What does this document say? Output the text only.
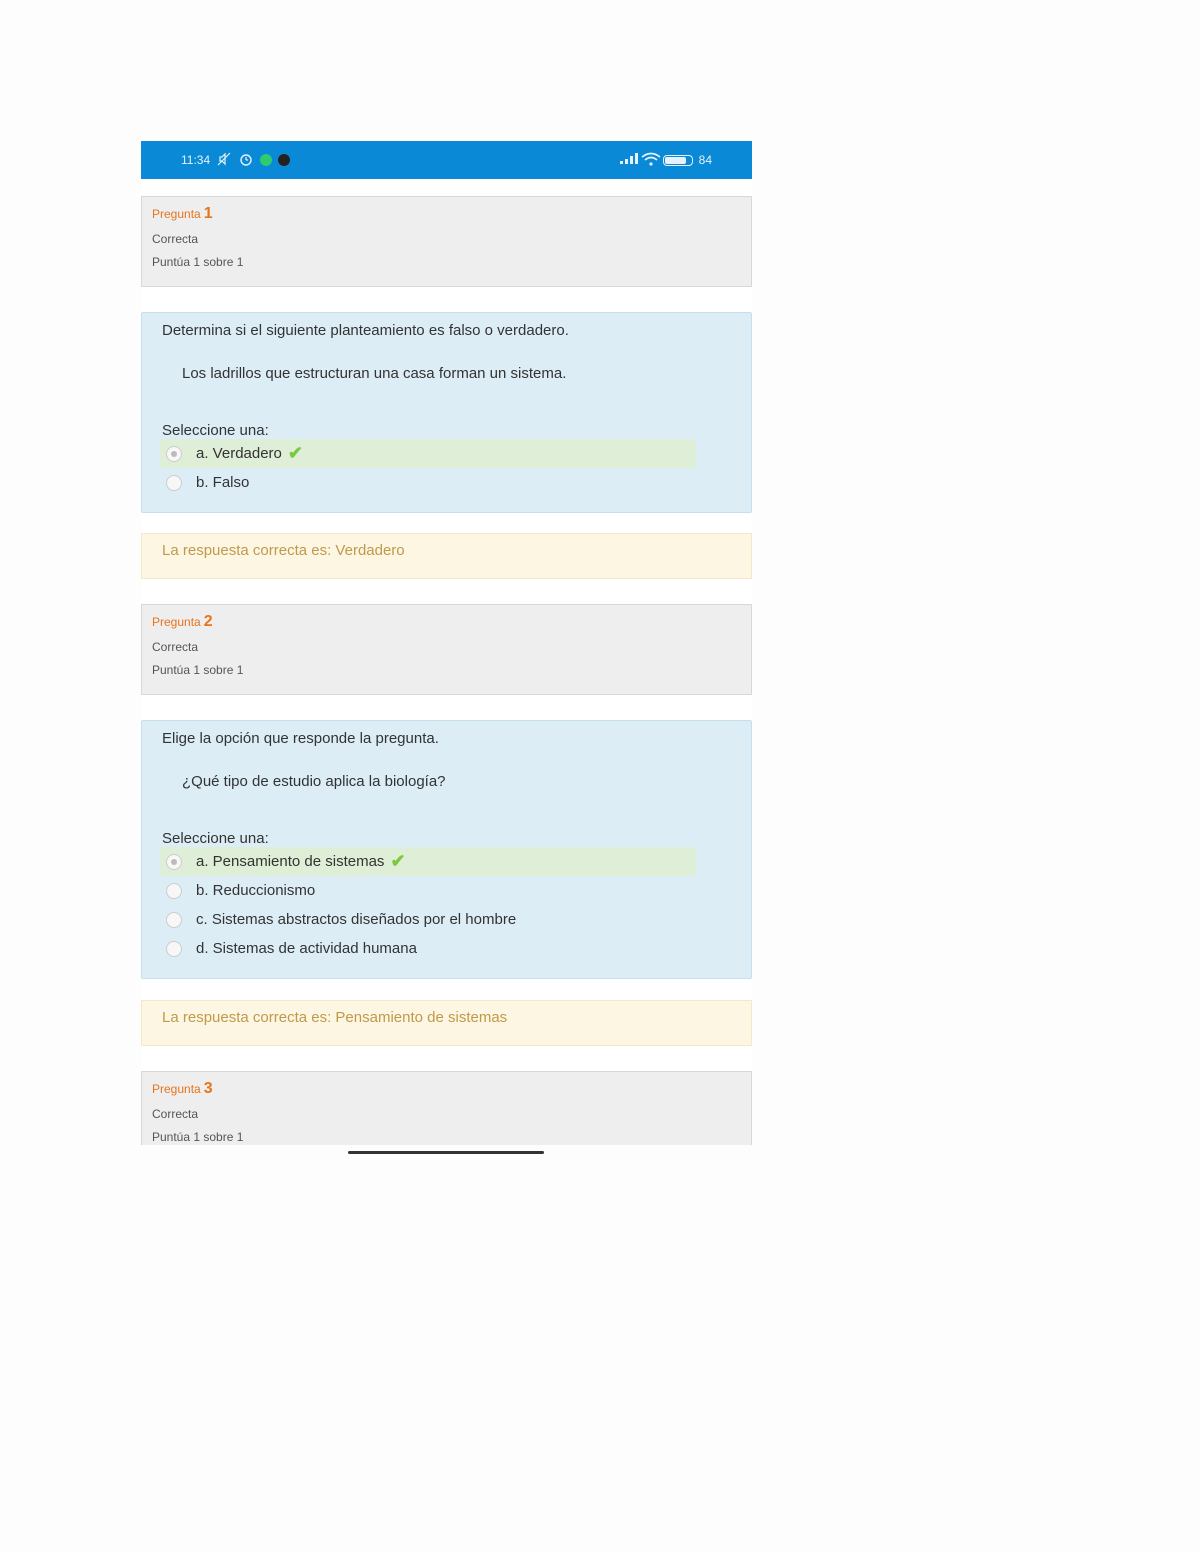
11:34	84
Pregunta 1
Correcta
Puntúa 1 sobre 1
Determina si el siguiente planteamiento es falso o verdadero.
Los ladrillos que estructuran una casa forman un sistema.
Seleccione una:
a. Verdadero ✔
b. Falso
La respuesta correcta es: Verdadero
Pregunta 2
Correcta
Puntúa 1 sobre 1
Elige la opción que responde la pregunta.
¿Qué tipo de estudio aplica la biología?
Seleccione una:
a. Pensamiento de sistemas ✔
b. Reduccionismo
c. Sistemas abstractos diseñados por el hombre
d. Sistemas de actividad humana
La respuesta correcta es: Pensamiento de sistemas
Pregunta 3
Correcta
Puntúa 1 sobre 1
